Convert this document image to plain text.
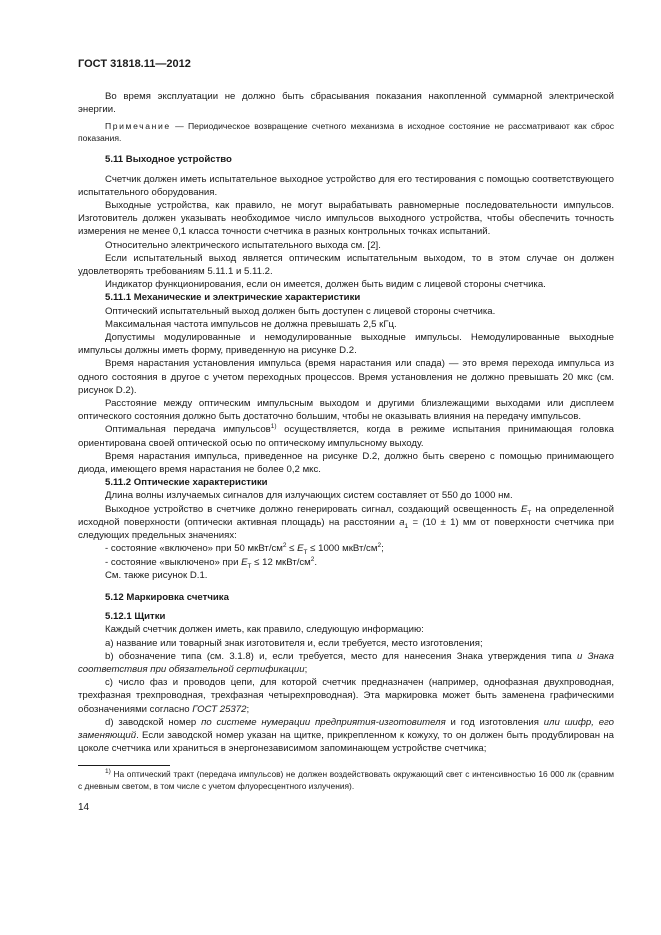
ГОСТ 31818.11—2012

Во время эксплуатации не должно быть сбрасывания показания накопленной суммарной электрической энергии.

Примечание — Периодическое возвращение счетного механизма в исходное состояние не рассматривают как сброс показания.

5.11 Выходное устройство

Счетчик должен иметь испытательное выходное устройство для его тестирования с помощью соответствующего испытательного оборудования.

Выходные устройства, как правило, не могут вырабатывать равномерные последовательности импульсов. Изготовитель должен указывать необходимое число импульсов выходного устройства, чтобы обеспечить точность измерения не менее 0,1 класса точности счетчика в разных контрольных точках испытаний.

Относительно электрического испытательного выхода см. [2].

Если испытательный выход является оптическим испытательным выходом, то в этом случае он должен удовлетворять требованиям 5.11.1 и 5.11.2.

Индикатор функционирования, если он имеется, должен быть видим с лицевой стороны счетчика.

5.11.1 Механические и электрические характеристики

Оптический испытательный выход должен быть доступен с лицевой стороны счетчика.

Максимальная частота импульсов не должна превышать 2,5 кГц.

Допустимы модулированные и немодулированные выходные импульсы. Немодулированные выходные импульсы должны иметь форму, приведенную на рисунке D.2.

Время нарастания установления импульса (время нарастания или спада) — это время перехода импульса из одного состояния в другое с учетом переходных процессов. Время установления не должно превышать 20 мкс (см. рисунок D.2).

Расстояние между оптическим импульсным выходом и другими близлежащими выходами или дисплеем оптического состояния должно быть достаточно большим, чтобы не оказывать влияния на передачу импульсов.

Оптимальная передача импульсов$^{1)}$ осуществляется, когда в режиме испытания принимающая головка ориентирована своей оптической осью по оптическому импульсному выходу.

Время нарастания импульса, приведенное на рисунке D.2, должно быть сверено с помощью принимающего диода, имеющего время нарастания не более 0,2 мкс.

5.11.2 Оптические характеристики

Длина волны излучаемых сигналов для излучающих систем составляет от 550 до 1000 нм.

Выходное устройство в счетчике должно генерировать сигнал, создающий освещенность $E_T$ на определенной исходной поверхности (оптически активная площадь) на расстоянии $a_1 = (10 \pm 1)$ мм от поверхности счетчика при следующих предельных значениях:

- состояние «включено» при 50 мкВт/$см^2 \le E_T \le 1000$ мкВт/$см^2$;

- состояние «выключено» при $E_T \le 12$ мкВт/$см^2$.

См. также рисунок D.1.

5.12 Маркировка счетчика
5.12.1 Щитки

Каждый счетчик должен иметь, как правило, следующую информацию:

а) название или товарный знак изготовителя и, если требуется, место изготовления;

b) обозначение типа (см. 3.1.8) и, если требуется, место для нанесения Знака утверждения типа и Знака соответствия при обязательной сертификации;

с) число фаз и проводов цепи, для которой счетчик предназначен (например, однофазная двухпроводная, трехфазная трехпроводная, трехфазная четырехпроводная). Эта маркировка может быть заменена графическими обозначениями согласно ГОСТ 25372;

d) заводской номер по системе нумерации предприятия-изготовителя и год изготовления или шифр, его заменяющий. Если заводской номер указан на щитке, прикрепленном к кожуху, то он должен быть продублирован на цоколе счетчика или храниться в энергонезависимом запоминающем устройстве счетчика;

$^{1)}$ На оптический тракт (передача импульсов) не должен воздействовать окружающий свет с интенсивностью 16 000 лк (сравним с дневным светом, в том числе с учетом флуоресцентного излучения).

14
